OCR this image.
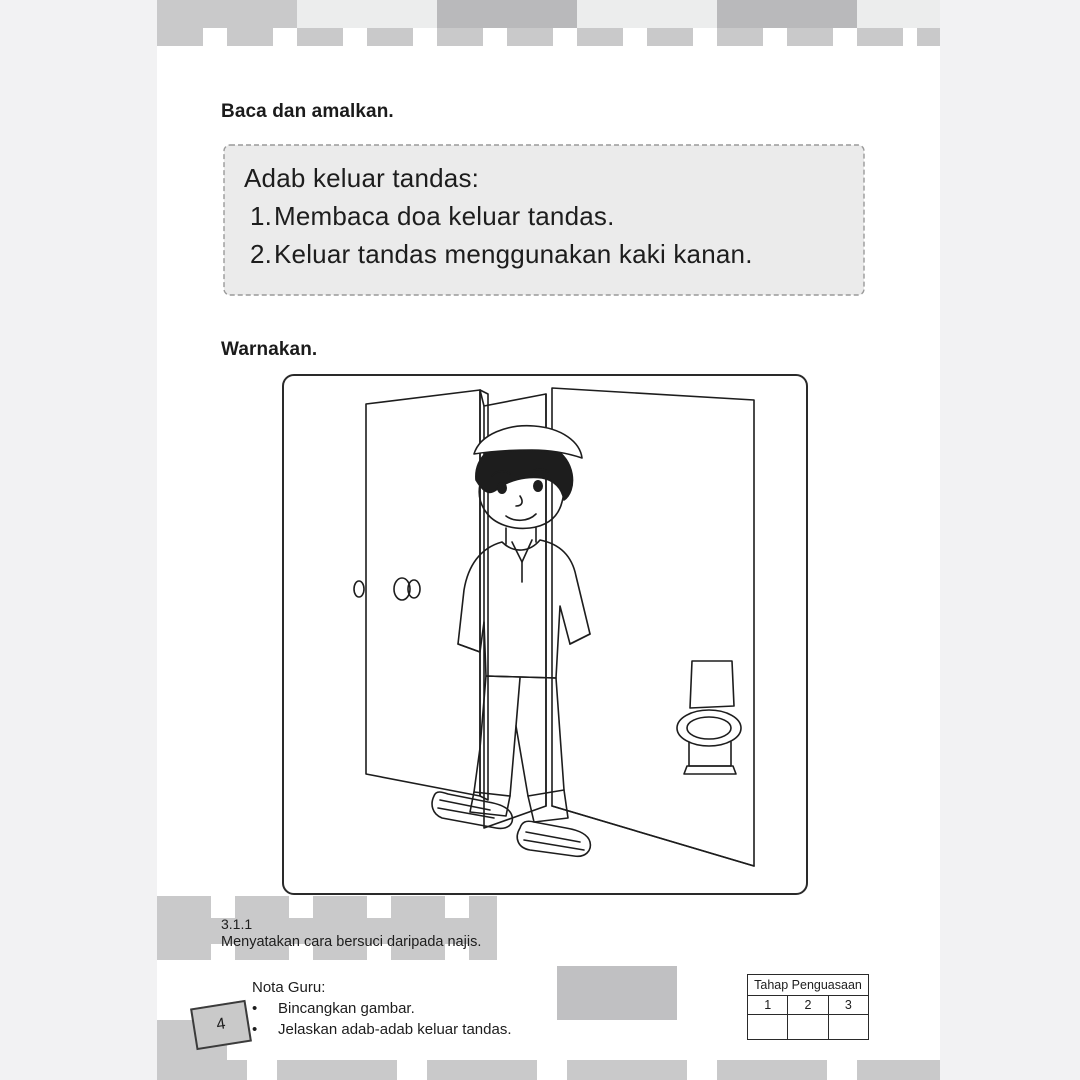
Baca dan amalkan.
Adab keluar tandas:
1. Membaca doa keluar tandas.
2. Keluar tandas menggunakan kaki kanan.
Warnakan.
3.1.1
Menyatakan cara bersuci daripada najis.
Nota Guru:
•	Bincangkan gambar.
•	Jelaskan adab-adab keluar tandas.
4
Tahap Penguasaan
1	2	3
